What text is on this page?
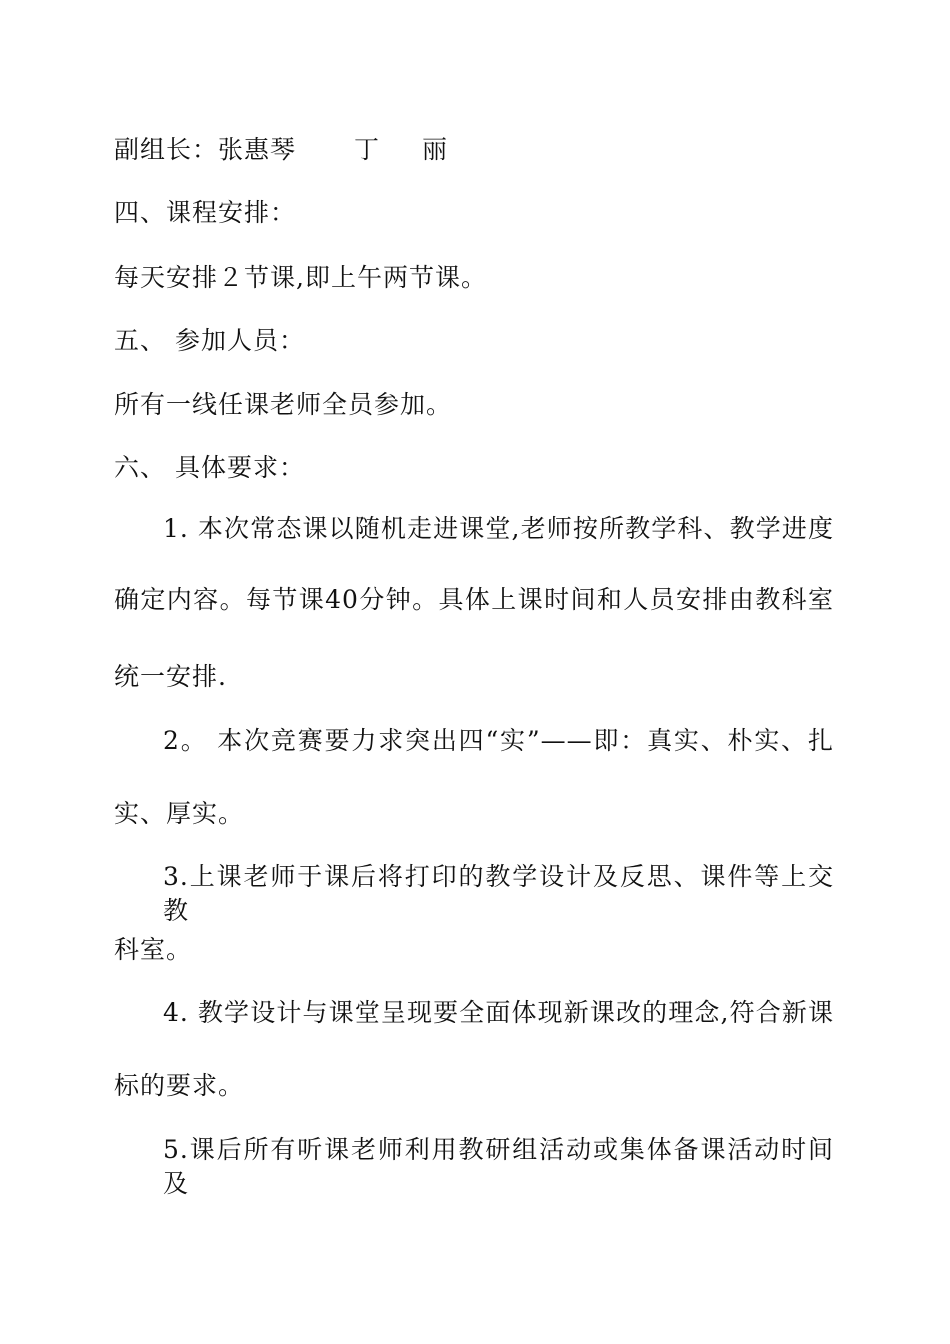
副组长：张惠琴 丁 丽
四、课程安排：
每天安排２节课,即上午两节课。
五、 参加人员：
所有一线任课老师全员参加。
六、 具体要求：
1. 本次常态课以随机走进课堂,老师按所教学科、教学进度
确定内容。每节课40分钟。具体上课时间和人员安排由教科室
统一安排.
2。 本次竞赛要力求突出四“实”——即：真实、朴实、扎
实、厚实。
3.上课老师于课后将打印的教学设计及反思、课件等上交教
科室。
4. 教学设计与课堂呈现要全面体现新课改的理念,符合新课
标的要求。
5.课后所有听课老师利用教研组活动或集体备课活动时间及
